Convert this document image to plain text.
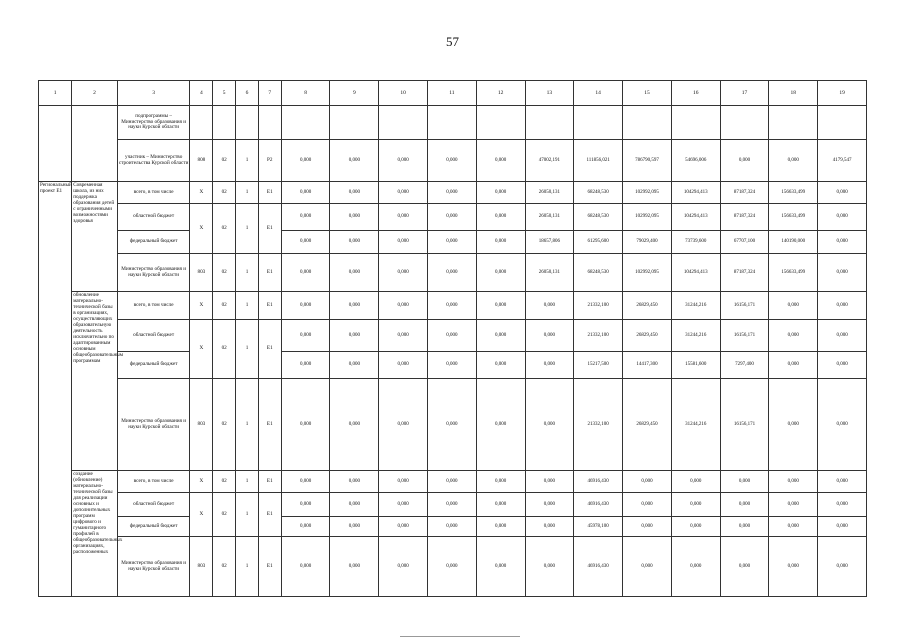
57
1	2	3	4	5	6	7	8	9	10	11	12	13	14	15	16	17	18	19
		подпрограммы – Министерство образования и науки Курской области																
		участник – Министерство строительства Курской области	808	02	1	P2	0,000	0,000	0,000	0,000	0,000	47002,191	111856,021	786790,597	54696,006	0,000	0,000	4179,547
Региональный проект Е1	Современная школа, из них поддержка образования детей с ограниченными возможностями здоровья	всего, в том числе	Х	02	1	E1	0,000	0,000	0,000	0,000	0,000	26050,131	68248,530	102992,095	104294,413	87187,324	156633,499	0,000
		областной бюджет	Х	02	1	E1	0,000	0,000	0,000	0,000	0,000	26050,131	68248,530	102992,095	104294,413	87187,324	156633,499	0,000
		федеральный бюджет					0,000	0,000	0,000	0,000	0,000	18657,806	61295,600	79029,400	73739,600	67707,100	140190,000	0,000
		Министерство образования и науки Курской области	803	02	1	E1	0,000	0,000	0,000	0,000	0,000	26050,131	68248,530	102992,095	104294,413	87187,324	156633,499	0,000
	обновление материально-технической базы в организациях, осуществляющих образовательную деятельность исключительно по адаптированным основным общеобразовательным программам	всего, в том числе	Х	02	1	E1	0,000	0,000	0,000	0,000	0,000	0,000	21332,100	26829,450	31244,216	16156,171	0,000	0,000
		областной бюджет	Х	02	1	E1	0,000	0,000	0,000	0,000	0,000	0,000	21332,100	26829,450	31244,216	16156,171	0,000	0,000
		федеральный бюджет					0,000	0,000	0,000	0,000	0,000	0,000	15217,500	14417,300	15581,600	7297,400	0,000	0,000
		Министерство образования и науки Курской области	803	02	1	E1	0,000	0,000	0,000	0,000	0,000	0,000	21332,100	26829,450	31244,216	16156,171	0,000	0,000
	создание (обновление) материально-технической базы для реализации основных и дополнительных программ цифрового и гуманитарного профилей в общеобразовательных организациях, расположенных	всего, в том числе	Х	02	1	E1	0,000	0,000	0,000	0,000	0,000	0,000	46916,430	0,000	0,000	0,000	0,000	0,000
		областной бюджет	Х	02	1	E1	0,000	0,000	0,000	0,000	0,000	0,000	46916,430	0,000	0,000	0,000	0,000	0,000
		федеральный бюджет					0,000	0,000	0,000	0,000	0,000	0,000	45978,100	0,000	0,000	0,000	0,000	0,000
		Министерство образования и науки Курской области	803	02	1	E1	0,000	0,000	0,000	0,000	0,000	0,000	46916,430	0,000	0,000	0,000	0,000	0,000
